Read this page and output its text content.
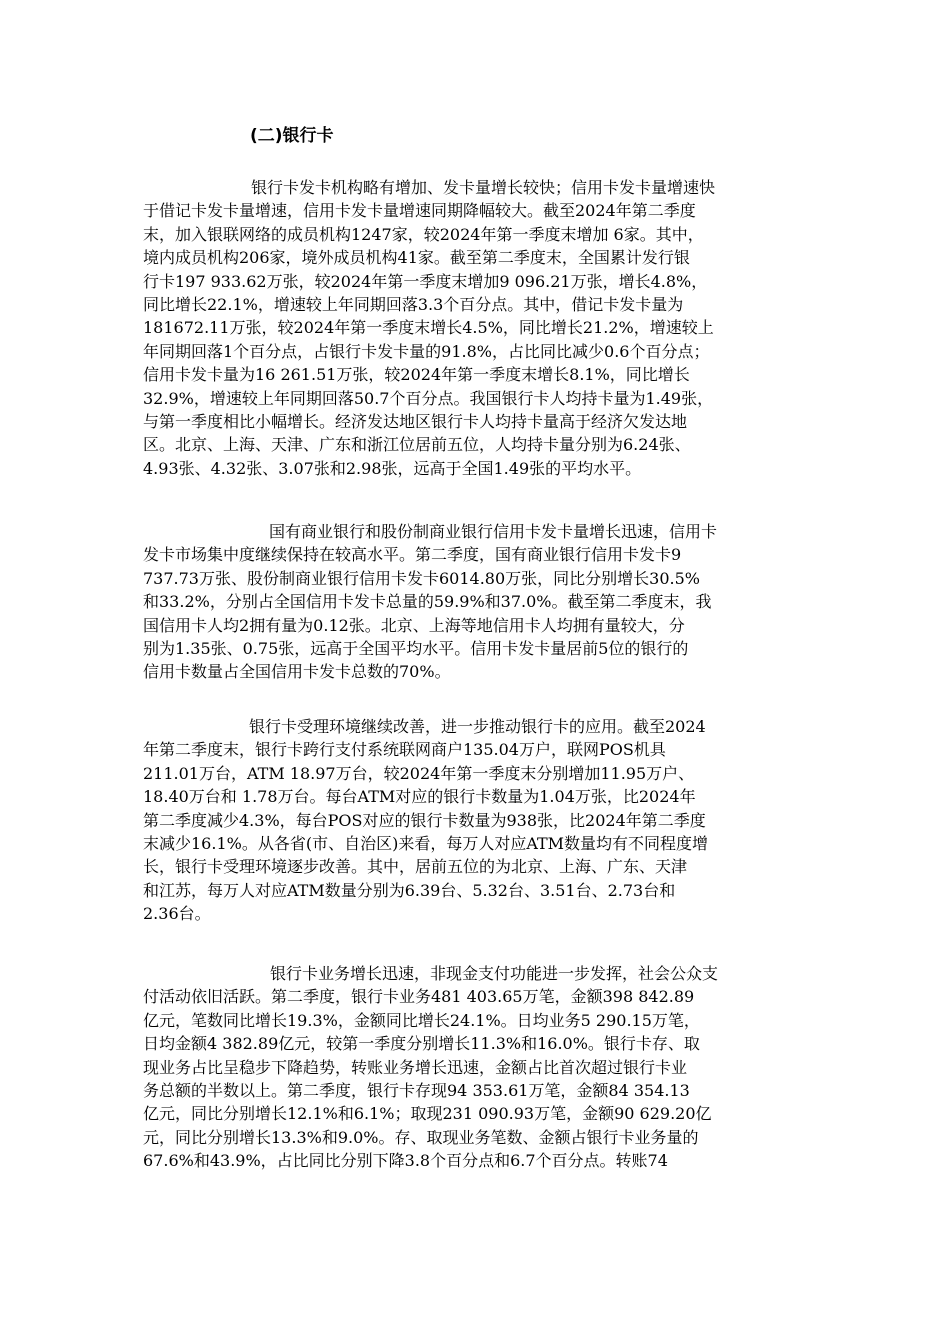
(二)银行卡

银行卡发卡机构略有增加、发卡量增长较快；信用卡发卡量增速快
于借记卡发卡量增速，信用卡发卡量增速同期降幅较大。截至2024年第二季度
末，加入银联网络的成员机构1247家，较2024年第一季度末增加 6家。其中，
境内成员机构206家，境外成员机构41家。截至第二季度末，全国累计发行银
行卡197 933.62万张，较2024年第一季度末增加9 096.21万张，增长4.8%，
同比增长22.1%，增速较上年同期回落3.3个百分点。其中，借记卡发卡量为
181672.11万张，较2024年第一季度末增长4.5%，同比增长21.2%，增速较上
年同期回落1个百分点，占银行卡发卡量的91.8%，占比同比减少0.6个百分点；
信用卡发卡量为16 261.51万张，较2024年第一季度末增长8.1%，同比增长
32.9%，增速较上年同期回落50.7个百分点。我国银行卡人均持卡量为1.49张，
与第一季度相比小幅增长。经济发达地区银行卡人均持卡量高于经济欠发达地
区。北京、上海、天津、广东和浙江位居前五位，人均持卡量分别为6.24张、
4.93张、4.32张、3.07张和2.98张，远高于全国1.49张的平均水平。

国有商业银行和股份制商业银行信用卡发卡量增长迅速，信用卡
发卡市场集中度继续保持在较高水平。第二季度，国有商业银行信用卡发卡9
737.73万张、股份制商业银行信用卡发卡6014.80万张，同比分别增长30.5%
和33.2%，分别占全国信用卡发卡总量的59.9%和37.0%。截至第二季度末，我
国信用卡人均2拥有量为0.12张。北京、上海等地信用卡人均拥有量较大，分
别为1.35张、0.75张，远高于全国平均水平。信用卡发卡量居前5位的银行的
信用卡数量占全国信用卡发卡总数的70%。

银行卡受理环境继续改善，进一步推动银行卡的应用。截至2024
年第二季度末，银行卡跨行支付系统联网商户135.04万户，联网POS机具
211.01万台，ATM 18.97万台，较2024年第一季度末分别增加11.95万户、
18.40万台和 1.78万台。每台ATM对应的银行卡数量为1.04万张，比2024年
第二季度减少4.3%，每台POS对应的银行卡数量为938张，比2024年第二季度
末减少16.1%。从各省(市、自治区)来看，每万人对应ATM数量均有不同程度增
长，银行卡受理环境逐步改善。其中，居前五位的为北京、上海、广东、天津
和江苏，每万人对应ATM数量分别为6.39台、5.32台、3.51台、2.73台和
2.36台。

银行卡业务增长迅速，非现金支付功能进一步发挥，社会公众支
付活动依旧活跃。第二季度，银行卡业务481 403.65万笔，金额398 842.89
亿元，笔数同比增长19.3%，金额同比增长24.1%。日均业务5 290.15万笔，
日均金额4 382.89亿元，较第一季度分别增长11.3%和16.0%。银行卡存、取
现业务占比呈稳步下降趋势，转账业务增长迅速，金额占比首次超过银行卡业
务总额的半数以上。第二季度，银行卡存现94 353.61万笔，金额84 354.13
亿元，同比分别增长12.1%和6.1%；取现231 090.93万笔，金额90 629.20亿
元，同比分别增长13.3%和9.0%。存、取现业务笔数、金额占银行卡业务量的
67.6%和43.9%，占比同比分别下降3.8个百分点和6.7个百分点。转账74
